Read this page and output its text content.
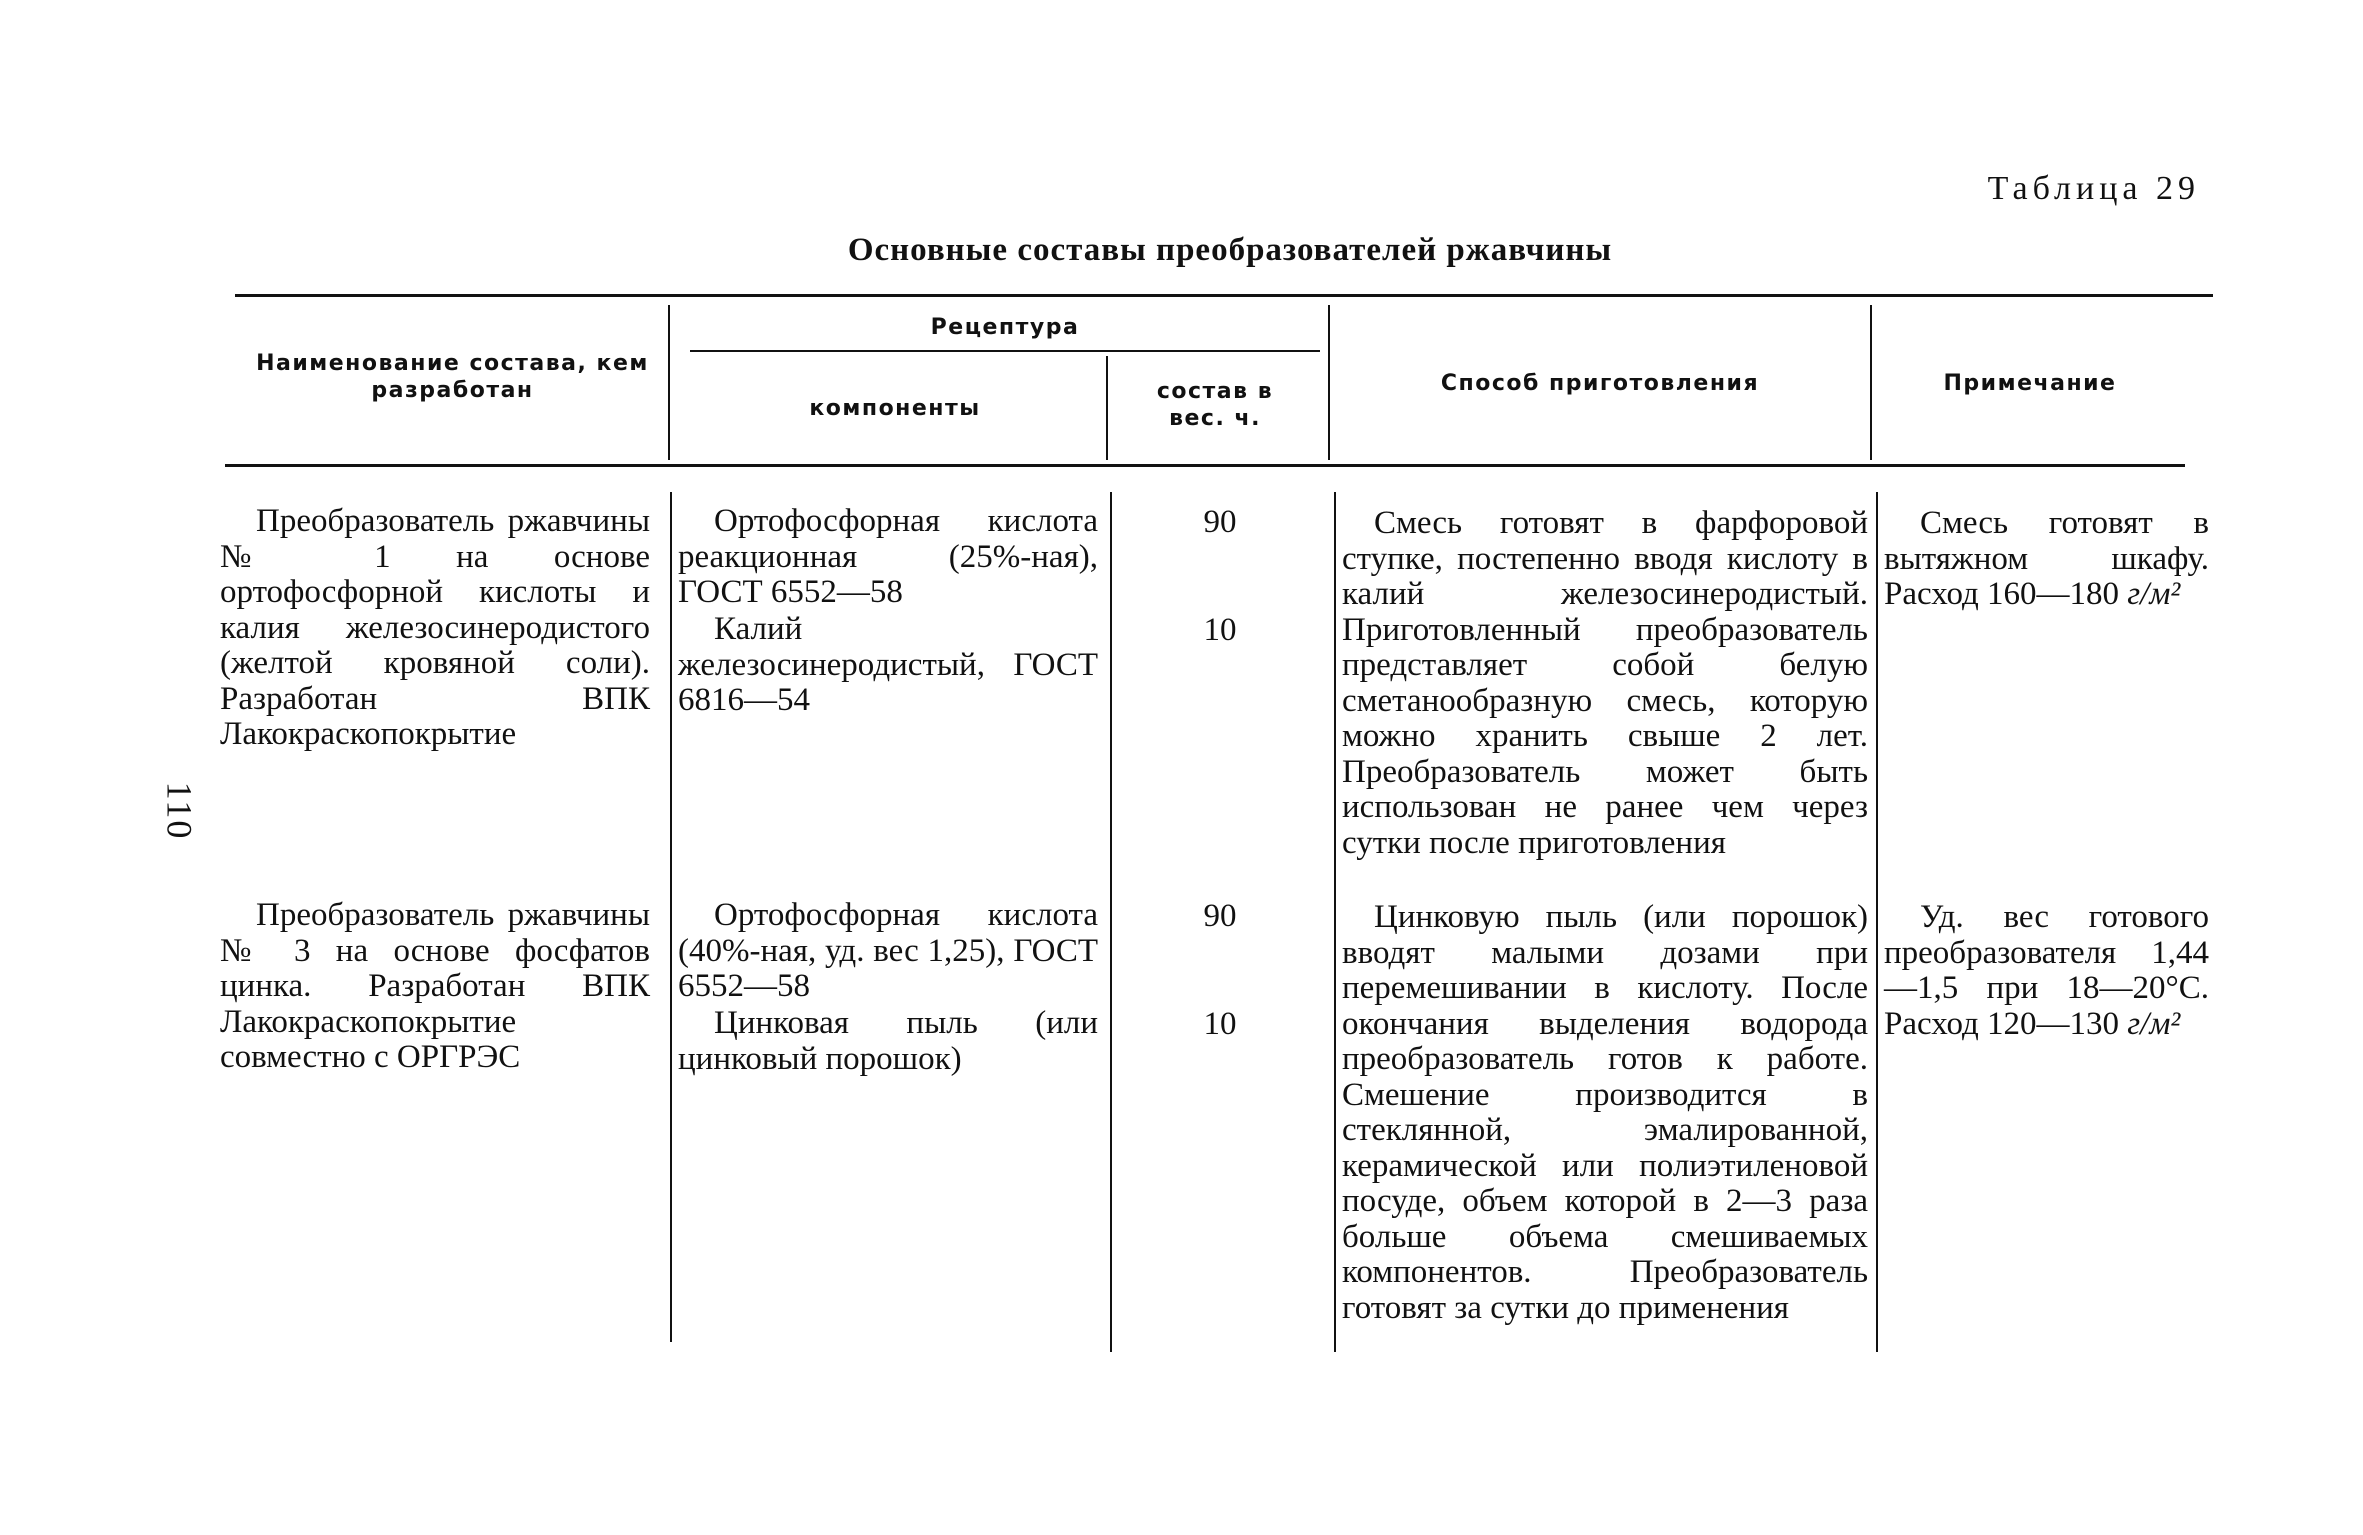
Таблица 29
Основные составы преобразователей ржавчины
110
Наименование состава, кем разработан
Рецептура
компоненты
состав в вес. ч.
Способ приготовления	Примечание
Преобразователь ржавчины № 1 на основе ортофосфорной кислоты и калия железосинеродистого (желтой кровяной соли). Разработан ВПК Лакокраскопокрытие
Ортофосфорная кислота реакционная (25%-ная), ГОСТ 6552—58
90
Калий железосинеродистый, ГОСТ 6816—54
10
Смесь готовят в фарфоровой ступке, постепенно вводя кислоту в калий железосинеродистый. Приготовленный преобразователь представляет собой белую сметанообразную смесь, которую можно хранить свыше 2 лет. Преобразователь может быть использован не ранее чем через сутки после приготовления
Смесь готовят в вытяжном шкафу. Расход 160—180 г/м²
Преобразователь ржавчины № 3 на основе фосфатов цинка. Разработан ВПК Лакокраскопокрытие совместно с ОРГРЭС
Ортофосфорная кислота (40%-ная, уд. вес 1,25), ГОСТ 6552—58
90
Цинковая пыль (или цинковый порошок)
10
Цинковую пыль (или порошок) вводят малыми дозами при перемешивании в кислоту. После окончания выделения водорода преобразователь готов к работе. Смешение производится в стеклянной, эмалированной, керамической или полиэтиленовой посуде, объем которой в 2—3 раза больше объема смешиваемых компонентов. Преобразователь готовят за сутки до применения
Уд. вес готового преобразователя 1,44—1,5 при 18—20°С. Расход 120—130 г/м²
